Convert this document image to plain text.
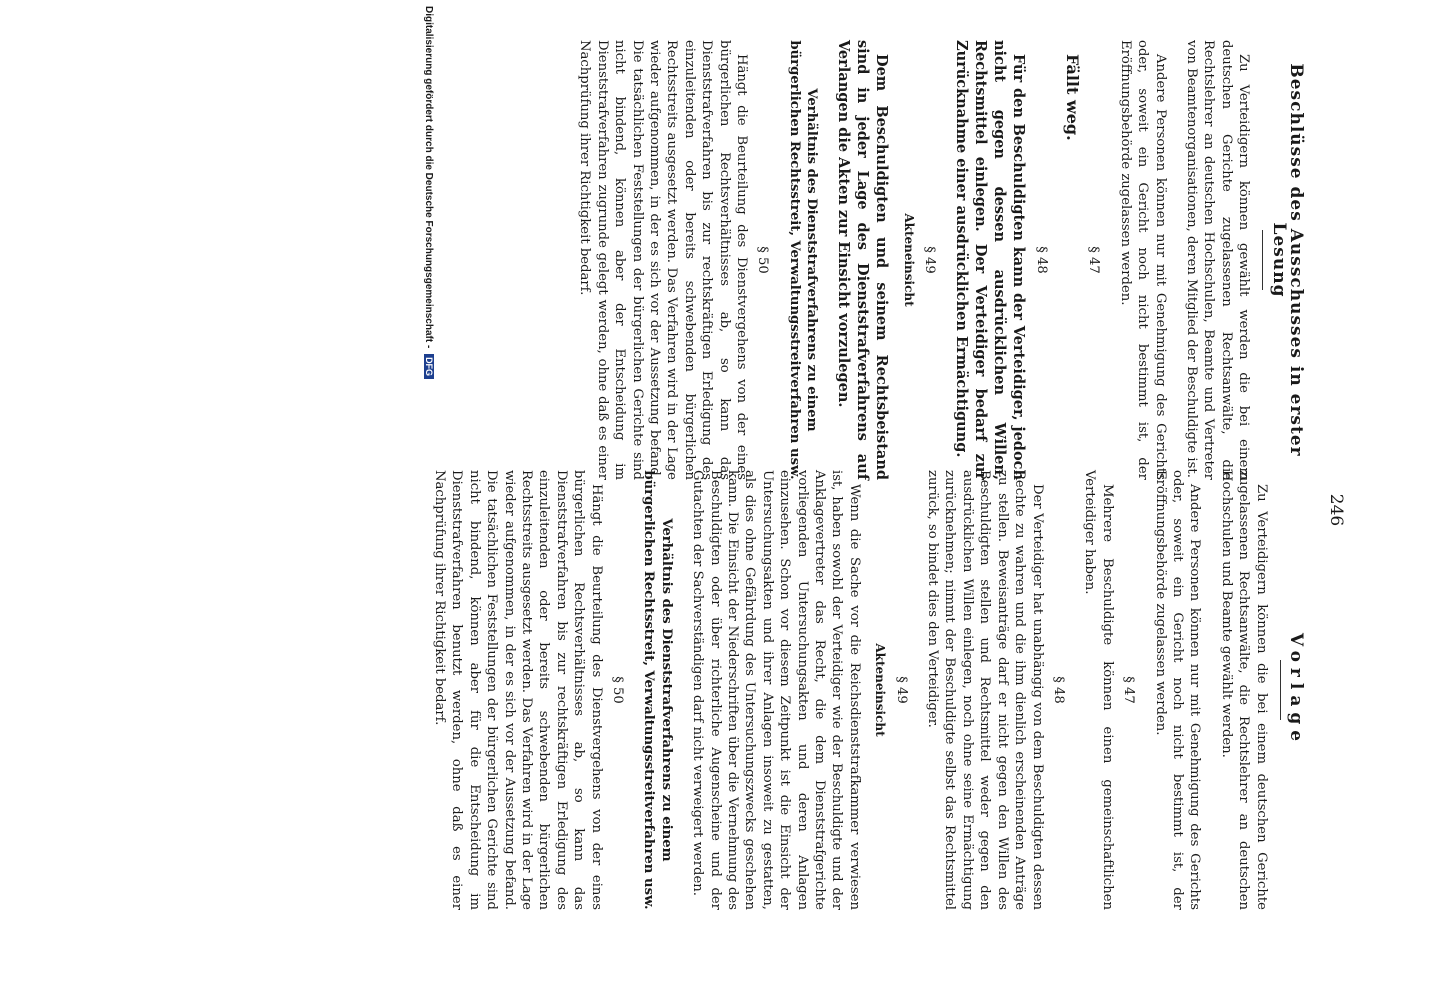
246
Vorlage

Zu Verteidigern können die bei einem deutschen Gerichte zugelassenen Rechtsanwälte, die Rechtslehrer an deutschen Hochschulen und Beamte gewählt werden.

Andere Personen können nur mit Genehmigung des Gerichts oder, soweit ein Gericht noch nicht bestimmt ist, der Eröffnungsbehörde zugelassen werden.

§ 47

Mehrere Beschuldigte können einen gemeinschaftlichen Verteidiger haben.

§ 48

Der Verteidiger hat unabhängig von dem Beschuldigten dessen Rechte zu wahren und die ihm dienlich erscheinenden Anträge zu stellen. Beweisanträge darf er nicht gegen den Willen des Beschuldigten stellen und Rechtsmittel weder gegen den ausdrücklichen Willen einlegen, noch ohne seine Ermächtigung zurücknehmen; nimmt der Beschuldigte selbst das Rechtsmittel zurück, so bindet dies den Verteidiger.

§ 49
Akteneinsicht

Wenn die Sache vor die Reichsdienststrafkammer verwiesen ist, haben sowohl der Verteidiger wie der Beschuldigte und der Anklagevertreter das Recht, die dem Dienststrafgerichte vorliegenden Untersuchungsakten und deren Anlagen einzusehen. Schon vor diesem Zeitpunkt ist die Einsicht der Untersuchungsakten und ihrer Anlagen insoweit zu gestatten, als dies ohne Gefährdung des Untersuchungszwecks geschehen kann. Die Einsicht der Niederschriften über die Vernehmung des Beschuldigten oder über richterliche Augenscheine und der Gutachten der Sachverständigen darf nicht verweigert werden.

Verhältnis des Dienststrafverfahrens zu einem bürgerlichen Rechtsstreit, Verwaltungsstreitverfahren usw.

§ 50

Hängt die Beurteilung des Dienstvergehens von der eines bürgerlichen Rechtsverhältnisses ab, so kann das Dienststrafverfahren bis zur rechtskräftigen Erledigung des einzuleitenden oder bereits schwebenden bürgerlichen Rechtsstreits ausgesetzt werden. Das Verfahren wird in der Lage wieder aufgenommen, in der es sich vor der Aussetzung befand. Die tatsächlichen Feststellungen der bürgerlichen Gerichte sind nicht bindend, können aber für die Entscheidung im Dienststrafverfahren benutzt werden, ohne daß es einer Nachprüfung ihrer Richtigkeit bedarf.

Beschlüsse des Ausschusses in erster Lesung

Zu Verteidigern können gewählt werden die bei einem deutschen Gerichte zugelassenen Rechtsanwälte, die Rechtslehrer an deutschen Hochschulen, Beamte und Vertreter von Beamtenorganisationen, deren Mitglied der Beschuldigte ist.

Andere Personen können nur mit Genehmigung des Gerichts oder, soweit ein Gericht noch nicht bestimmt ist, der Eröffnungsbehörde zugelassen werden.

§ 47

Fällt weg.

§ 48

Für den Beschuldigten kann der Verteidiger, jedoch nicht gegen dessen ausdrücklichen Willen, Rechtsmittel einlegen. Der Verteidiger bedarf zur Zurücknahme einer ausdrücklichen Ermächtigung.

§ 49
Akteneinsicht

Dem Beschuldigten und seinem Rechtsbeistand sind in jeder Lage des Dienststrafverfahrens auf Verlangen die Akten zur Einsicht vorzulegen.

Verhältnis des Dienststrafverfahrens zu einem bürgerlichen Rechtsstreit, Verwaltungsstreitverfahren usw.

§ 50

Hängt die Beurteilung des Dienstvergehens von der eines bürgerlichen Rechtsverhältnisses ab, so kann das Dienststrafverfahren bis zur rechtskräftigen Erledigung des einzuleitenden oder bereits schwebenden bürgerlichen Rechtsstreits ausgesetzt werden. Das Verfahren wird in der Lage wieder aufgenommen, in der es sich vor der Aussetzung befand. Die tatsächlichen Feststellungen der bürgerlichen Gerichte sind nicht bindend, können aber der Entscheidung im Dienststrafverfahren zugrunde gelegt werden, ohne daß es einer Nachprüfung ihrer Richtigkeit bedarf.

Digitalisierung gefördert durch die Deutsche Forschungsgemeinschaft - DFG
